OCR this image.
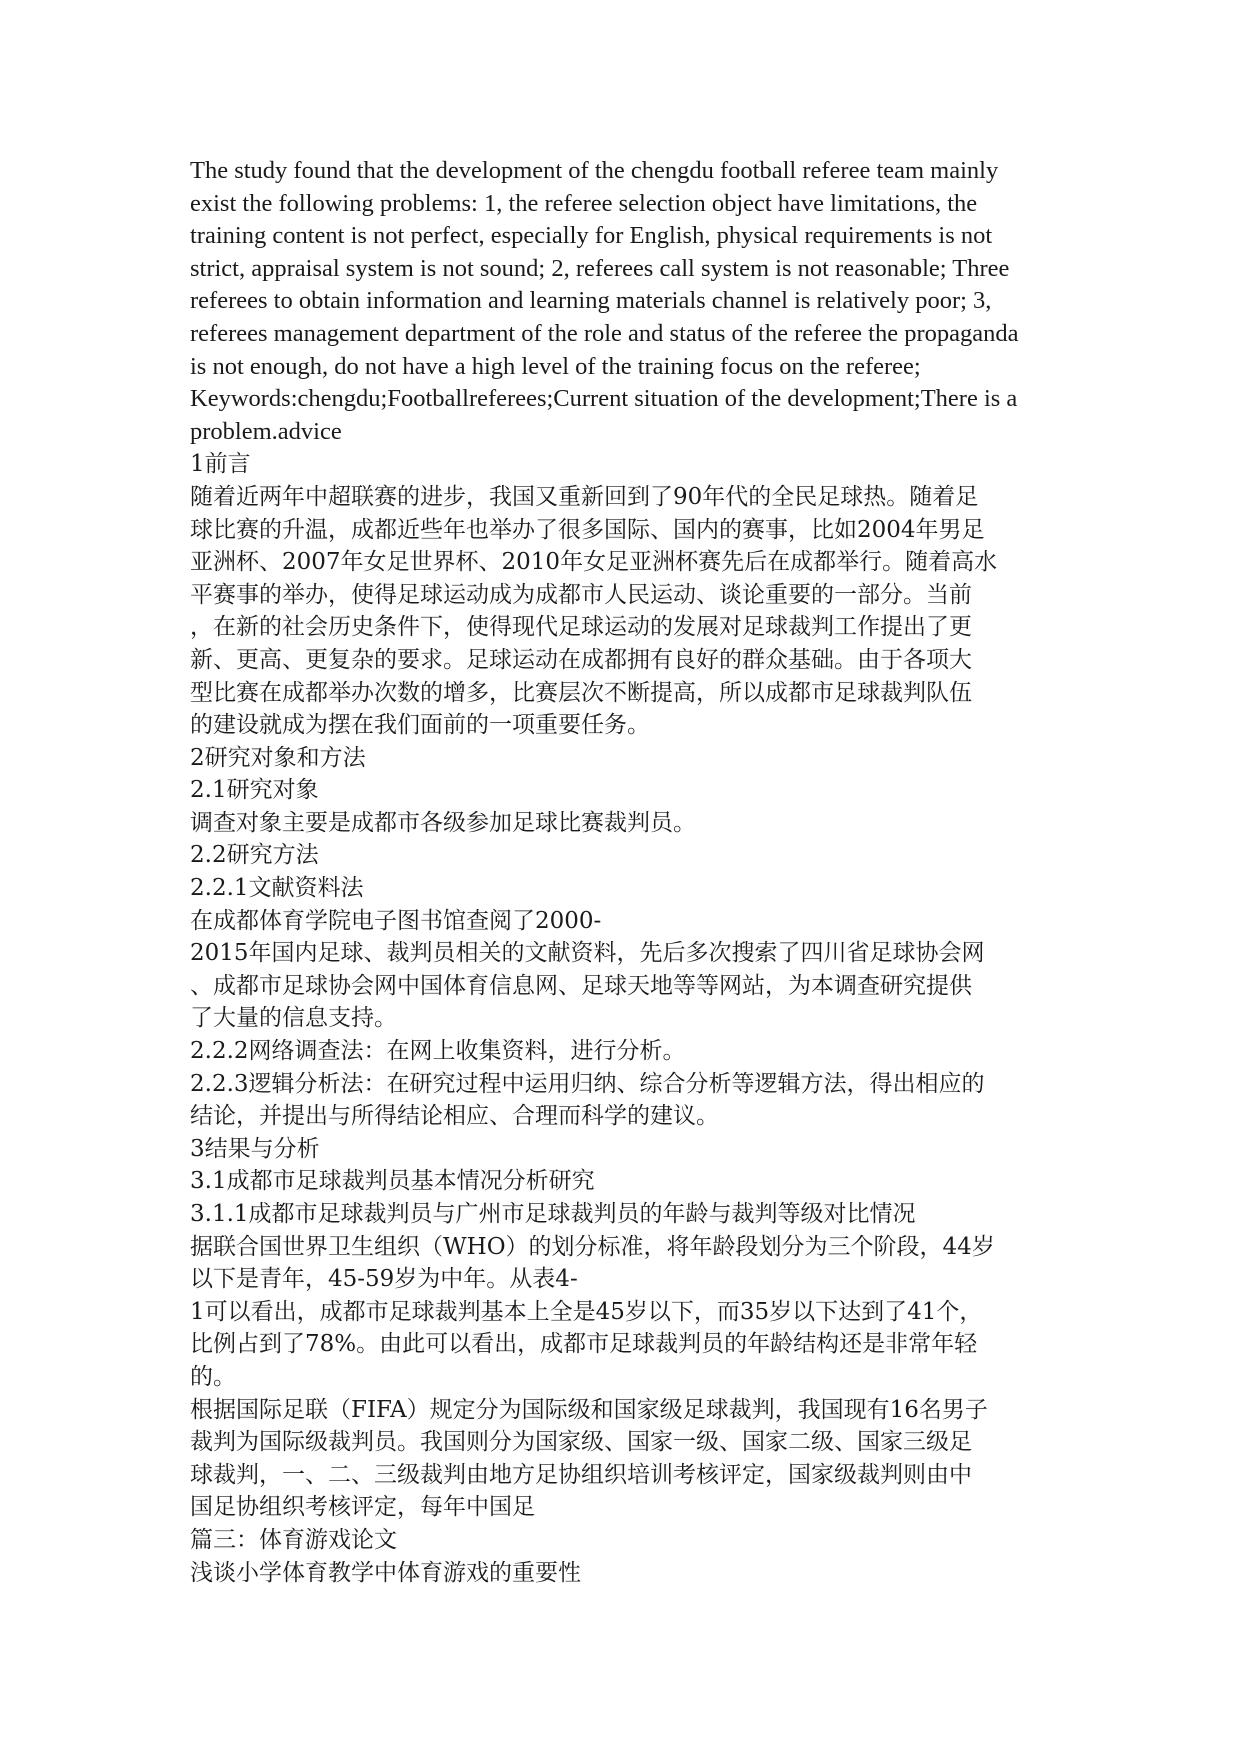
The study found that the development of the chengdu football referee team mainly
exist the following problems: 1, the referee selection object have limitations, the
training content is not perfect, especially for English, physical requirements is not
strict, appraisal system is not sound; 2, referees call system is not reasonable; Three
referees to obtain information and learning materials channel is relatively poor; 3,
referees management department of the role and status of the referee the propaganda
is not enough, do not have a high level of the training focus on the referee;
Keywords:chengdu;Footballreferees;Current situation of the development;There is a
problem.advice
1前言
随着近两年中超联赛的进步，我国又重新回到了90年代的全民足球热。随着足
球比赛的升温，成都近些年也举办了很多国际、国内的赛事，比如2004年男足
亚洲杯、2007年女足世界杯、2010年女足亚洲杯赛先后在成都举行。随着高水
平赛事的举办，使得足球运动成为成都市人民运动、谈论重要的一部分。当前
，在新的社会历史条件下，使得现代足球运动的发展对足球裁判工作提出了更
新、更高、更复杂的要求。足球运动在成都拥有良好的群众基础。由于各项大
型比赛在成都举办次数的增多，比赛层次不断提高，所以成都市足球裁判队伍
的建设就成为摆在我们面前的一项重要任务。
2研究对象和方法
2.1研究对象
调查对象主要是成都市各级参加足球比赛裁判员。
2.2研究方法
2.2.1文献资料法
在成都体育学院电子图书馆查阅了2000-
2015年国内足球、裁判员相关的文献资料，先后多次搜索了四川省足球协会网
、成都市足球协会网中国体育信息网、足球天地等等网站，为本调查研究提供
了大量的信息支持。
2.2.2网络调查法：在网上收集资料，进行分析。
2.2.3逻辑分析法：在研究过程中运用归纳、综合分析等逻辑方法，得出相应的
结论，并提出与所得结论相应、合理而科学的建议。
3结果与分析
3.1成都市足球裁判员基本情况分析研究
3.1.1成都市足球裁判员与广州市足球裁判员的年龄与裁判等级对比情况
据联合国世界卫生组织（WHO）的划分标准，将年龄段划分为三个阶段，44岁
以下是青年，45-59岁为中年。从表4-
1可以看出，成都市足球裁判基本上全是45岁以下，而35岁以下达到了41个，
比例占到了78%。由此可以看出，成都市足球裁判员的年龄结构还是非常年轻
的。
根据国际足联（FIFA）规定分为国际级和国家级足球裁判，我国现有16名男子
裁判为国际级裁判员。我国则分为国家级、国家一级、国家二级、国家三级足
球裁判，一、二、三级裁判由地方足协组织培训考核评定，国家级裁判则由中
国足协组织考核评定，每年中国足
篇三：体育游戏论文
浅谈小学体育教学中体育游戏的重要性
